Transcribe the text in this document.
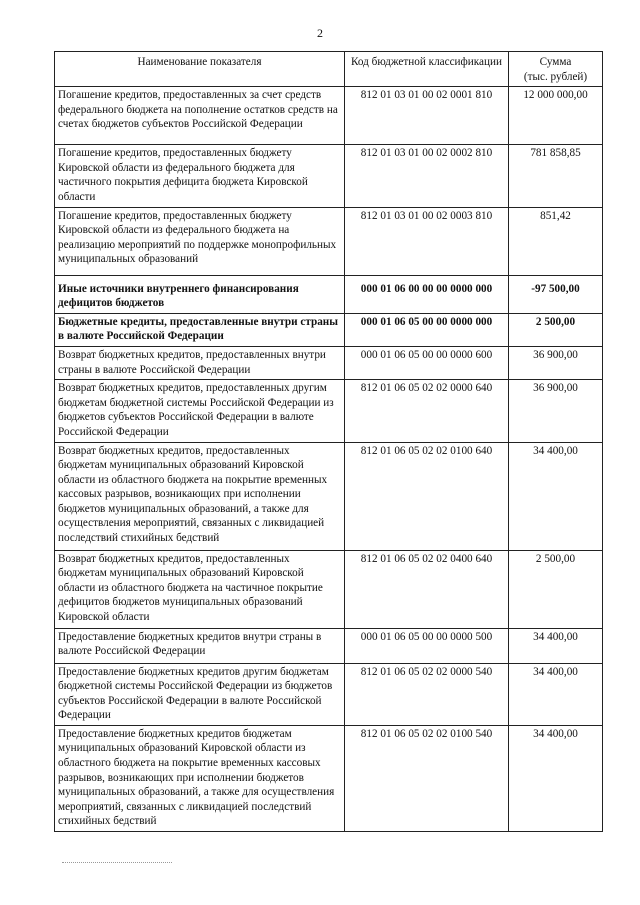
2
Наименование показателя	Код бюджетной классификации	Сумма
(тыс. рублей)
Погашение кредитов, предоставленных за счет средств федерального бюджета на пополнение остатков средств на счетах бюджетов субъектов Российской Федерации	812 01 03 01 00 02 0001 810	12 000 000,00
Погашение кредитов, предоставленных бюджету Кировской области из федерального бюджета для частичного покрытия дефицита бюджета Кировской области	812 01 03 01 00 02 0002 810	781 858,85
Погашение кредитов, предоставленных бюджету Кировской области из федерального бюджета на реализацию мероприятий по поддержке монопрофильных муниципальных образований	812 01 03 01 00 02 0003 810	851,42
Иные источники внутреннего финансирования дефицитов бюджетов	000 01 06 00 00 00 0000 000	-97 500,00
Бюджетные кредиты, предоставленные внутри страны в валюте Российской Федерации	000 01 06 05 00 00 0000 000	2 500,00
Возврат бюджетных кредитов, предоставленных внутри страны в валюте Российской Федерации	000 01 06 05 00 00 0000 600	36 900,00
Возврат бюджетных кредитов, предоставленных другим бюджетам бюджетной системы Российской Федерации из бюджетов субъектов Российской Федерации в валюте Российской Федерации	812 01 06 05 02 02 0000 640	36 900,00
Возврат бюджетных кредитов, предоставленных бюджетам муниципальных образований Кировской области из областного бюджета на покрытие временных кассовых разрывов, возникающих при исполнении бюджетов муниципальных образований, а также для осуществления мероприятий, связанных с ликвидацией последствий стихийных бедствий	812 01 06 05 02 02 0100 640	34 400,00
Возврат бюджетных кредитов, предоставленных бюджетам муниципальных образований Кировской области из областного бюджета на частичное покрытие дефицитов бюджетов муниципальных образований Кировской области	812 01 06 05 02 02 0400 640	2 500,00
Предоставление бюджетных кредитов внутри страны в валюте Российской Федерации	000 01 06 05 00 00 0000 500	34 400,00
Предоставление бюджетных кредитов другим бюджетам бюджетной системы Российской Федерации из бюджетов субъектов Российской Федерации в валюте Российской Федерации	812 01 06 05 02 02 0000 540	34 400,00
Предоставление бюджетных кредитов бюджетам муниципальных образований Кировской области из областного бюджета на покрытие временных кассовых разрывов, возникающих при исполнении бюджетов муниципальных образований, а также для осуществления мероприятий, связанных с ликвидацией последствий стихийных бедствий	812 01 06 05 02 02 0100 540	34 400,00
